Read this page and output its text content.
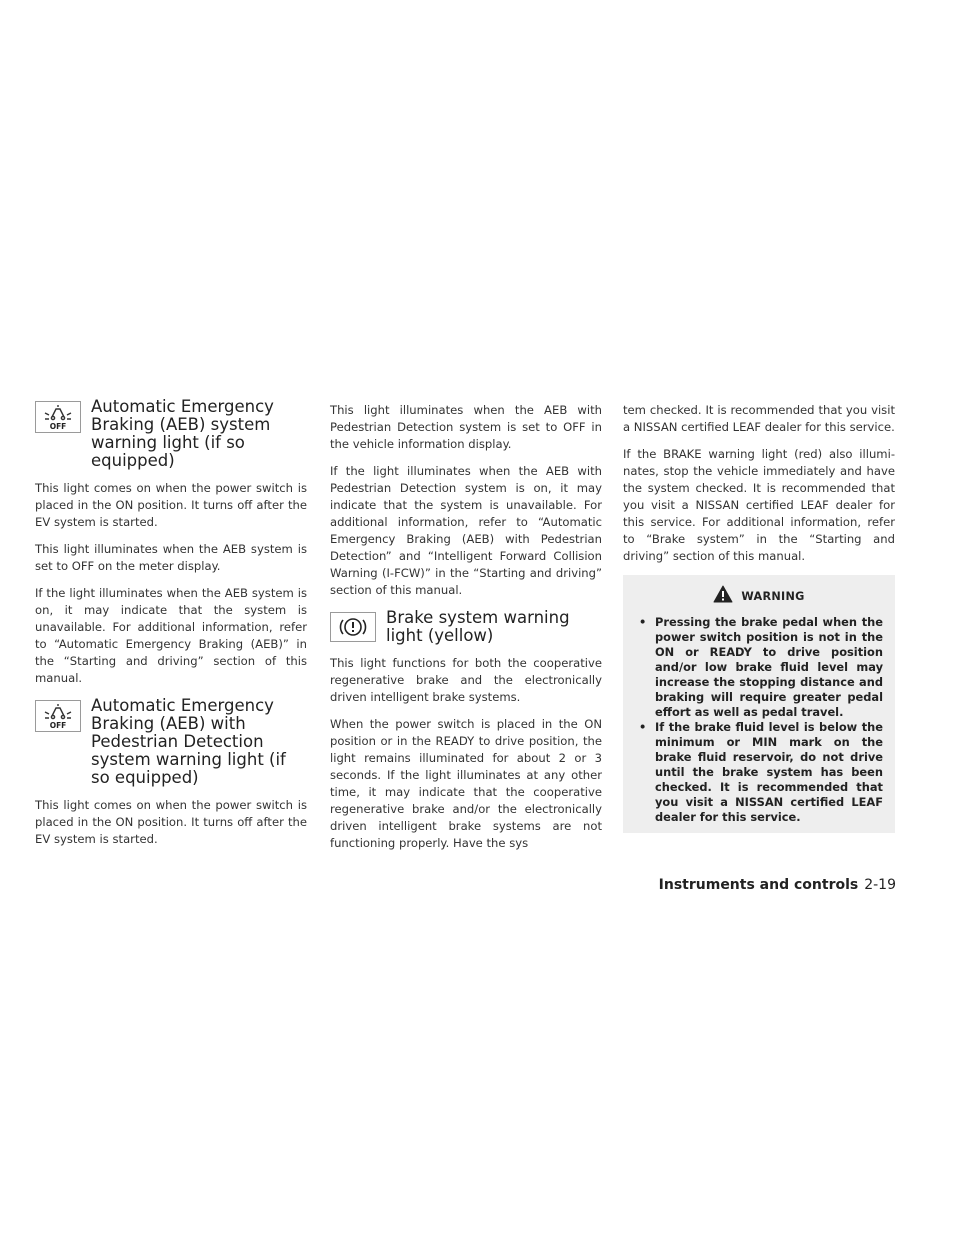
OFF
Automatic Emergency Braking (AEB) system warning light (if so equipped)

This light comes on when the power switch is placed in the ON position. It turns off after the EV system is started.

This light illuminates when the AEB system is set to OFF on the meter display.

If the light illuminates when the AEB system is on, it may indicate that the system is unavailable. For additional information, refer to “Automatic Emergency Braking (AEB)” in the “Starting and driving” section of this manual.

OFF
Automatic Emergency Braking (AEB) with Pedestrian Detection system warning light (if so equipped)

This light comes on when the power switch is placed in the ON position. It turns off after the EV system is started.

This light illuminates when the AEB with Pedestrian Detection system is set to OFF in the vehicle information display.

If the light illuminates when the AEB with Pedestrian Detection system is on, it may indicate that the system is unavailable. For additional information, refer to “Automatic Emergency Braking (AEB) with Pedestrian Detection” and “Intelligent Forward Collision Warning (I-FCW)” in the “Starting and driving” section of this manual.

Brake system warning light (yellow)

This light functions for both the cooperative regenerative brake and the electronically driven intelligent brake systems.

When the power switch is placed in the ON position or in the READY to drive position, the light remains illuminated for about 2 or 3 seconds. If the light illuminates at any other time, it may indicate that the cooperative regenerative brake and/or the electronically driven intelligent brake systems are not functioning properly. Have the sys

tem checked. It is recommended that you visit a NISSAN certified LEAF dealer for this service.

If the BRAKE warning light (red) also illuminates, stop the vehicle immediately and have the system checked. It is recommended that you visit a NISSAN certified LEAF dealer for this service. For additional information, refer to “Brake system” in the “Starting and driving” section of this manual.

WARNING
• Pressing the brake pedal when the power switch position is not in the ON or READY to drive position and/or low brake fluid level may increase the stopping distance and braking will require greater pedal effort as well as pedal travel.
• If the brake fluid level is below the minimum or MIN mark on the brake fluid reservoir, do not drive until the brake system has been checked. It is recommended that you visit a NISSAN certified LEAF dealer for this service.
Instruments and controls 2-19
